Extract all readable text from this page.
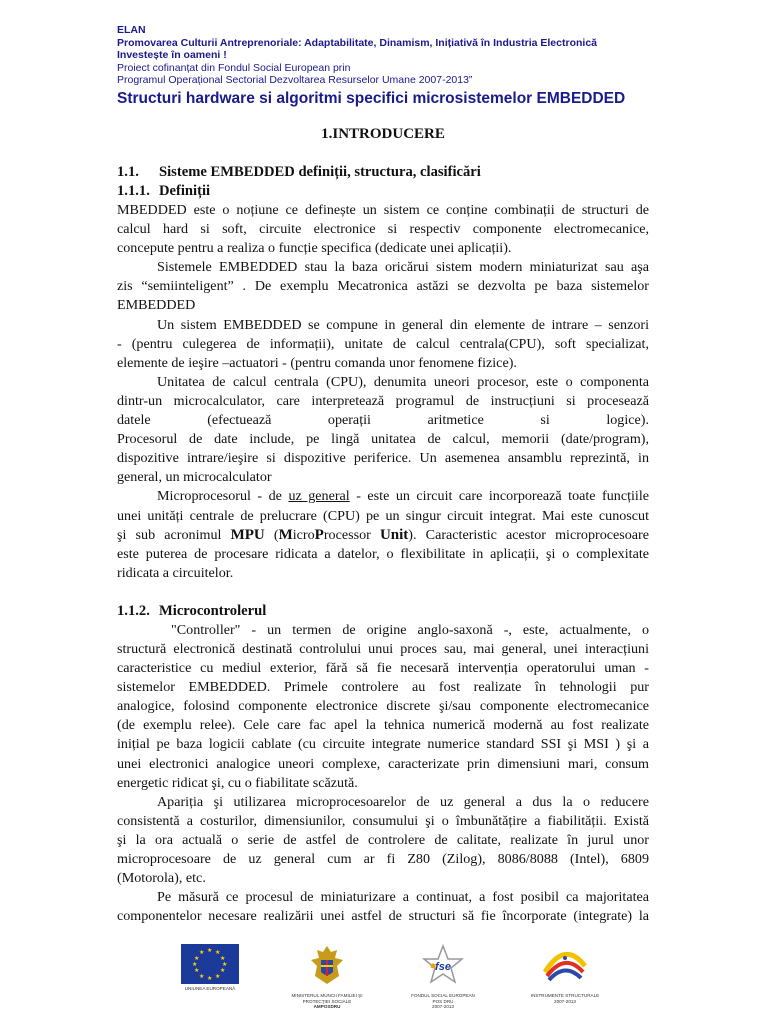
ELAN
Promovarea Culturii Antreprenoriale: Adaptabilitate, Dinamism, Inițiativă în Industria Electronică
Investește în oameni !
Proiect cofinanțat din Fondul Social European prin
Programul Operațional Sectorial Dezvoltarea Resurselor Umane 2007-2013”
Structuri hardware si algoritmi specifici microsistemelor EMBEDDED
1.INTRODUCERE
1.1. Sisteme EMBEDDED definiții, structura, clasificări
1.1.1. Definiții
MBEDDED este o noțiune ce definește un sistem ce conține combinații de structuri de
calcul hard si soft, circuite electronice si respectiv componente electromecanice,
concepute pentru a realiza o funcție specifica (dedicate unei aplicații).
Sistemele EMBEDDED stau la baza oricărui sistem modern miniaturizat sau aşa
zis “semiinteligent” . De exemplu Mecatronica astăzi se dezvolta pe baza sistemelor
EMBEDDED
Un sistem EMBEDDED se compune in general din elemente de intrare – senzori
- (pentru culegerea de informații), unitate de calcul centrala(CPU), soft specializat,
elemente de ieşire –actuatori - (pentru comanda unor fenomene fizice).
Unitatea de calcul centrala (CPU), denumita uneori procesor, este o componenta
dintr-un microcalculator, care interpretează programul de instrucțiuni si procesează
datele (efectuează operații aritmetice si logice).
Procesorul de date include, pe lingă unitatea de calcul, memorii (date/program),
dispozitive intrare/ieşire si dispozitive periferice. Un asemenea ansamblu reprezintă, in
general, un microcalculator
Microprocesorul - de uz general - este un circuit care incorporează toate funcțiile
unei unități centrale de prelucrare (CPU) pe un singur circuit integrat. Mai este cunoscut
şi sub acronimul MPU (MicroProcessor Unit). Caracteristic acestor microprocesoare
este puterea de procesare ridicata a datelor, o flexibilitate in aplicații, şi o complexitate
ridicata a circuitelor.
1.1.2. Microcontrolerul
"Controller" - un termen de origine anglo-saxonă -, este, actualmente, o
structură electronică destinată controlului unui proces sau, mai general, unei interacțiuni
caracteristice cu mediul exterior, fără să fie necesară intervenția operatorului uman -
sistemelor EMBEDDED. Primele controlere au fost realizate în tehnologii pur
analogice, folosind componente electronice discrete şi/sau componente electromecanice
(de exemplu relee). Cele care fac apel la tehnica numerică modernă au fost realizate
inițial pe baza logicii cablate (cu circuite integrate numerice standard SSI şi MSI ) şi a
unei electronici analogice uneori complexe, caracterizate prin dimensiuni mari, consum
energetic ridicat şi, cu o fiabilitate scăzută.
Apariția şi utilizarea microprocesoarelor de uz general a dus la o reducere
consistentă a costurilor, dimensiunilor, consumului şi o îmbunătățire a fiabilității. Există
şi la ora actuală o serie de astfel de controlere de calitate, realizate în jurul unor
microprocesoare de uz general cum ar fi Z80 (Zilog), 8086/8088 (Intel), 6809
(Motorola), etc.
Pe măsură ce procesul de miniaturizare a continuat, a fost posibil ca majoritatea
componentelor necesare realizării unei astfel de structuri să fie încorporate (integrate) la
★ ★
★
★
★
★
★
★
★
★
★
★
UNIUNEA EUROPEANĂ
MINISTERUL MUNCII FAMILIEI ŞI
PROTECŢIEI SOCIALE
AMPOSDRU
fse
FONDUL SOCIAL EUROPEAN
POS DRU
2007-2013
INSTRUMENTE STRUCTURALE
2007-2013
